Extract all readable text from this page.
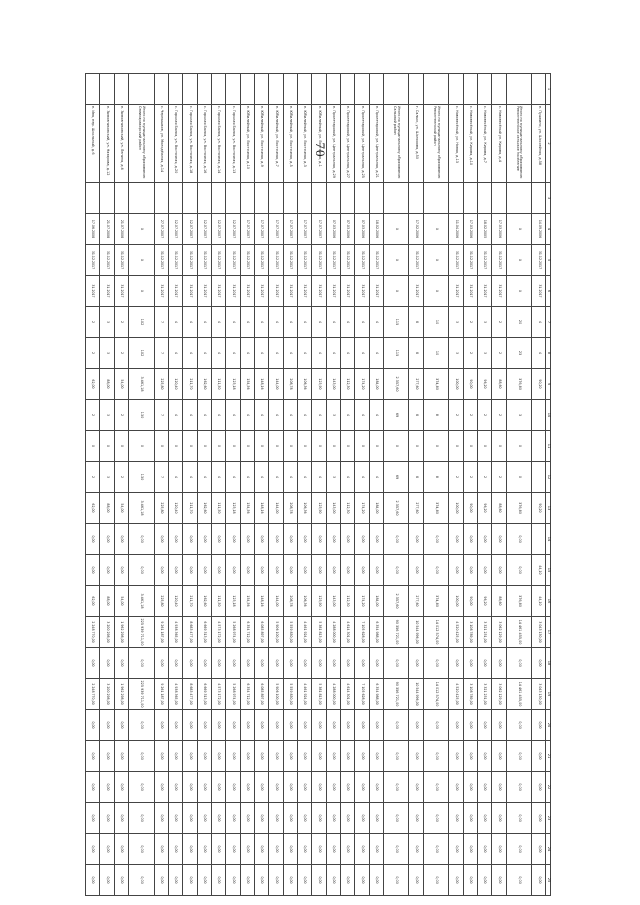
70
1	2	3	4	5	6	7	8	9	10	11	12	13	14	15	16	17	18	19	20	21	22	23	24	25
	п. Пушкино, ул. Шоссейная, д.58		14.09.2006	31.12.2017	31.2017	4	4	90,20				90,20		44,10	44,10	3 043 130,00	0,00	3 043 130,00	0,00	0,00	0,00	0,00	0,00	0,00
	Итого по муниципальному образованию Ремонтненское сельское поселение		X	X	X	20	23	376,80	3	0	0	376,80	0,00	0,00	376,80	14 461 455,00	0,00	14 461 455,00	0,00	0,00	0,00	0,00	0,00	0,00
	с. Нововесёлый ул. Кирова, д.4		17.03.2006	31.12.2017	31.2017	2	2	88,60	2	0	2	88,60	0,00	0,00	88,60	3 062 129,00	0,00	3 062 129,00	0,00	0,00	0,00	0,00	0,00	0,00
	с. Нововесёлый, ул. Кирова, д.7		18.02.2005	31.12.2017	31.2017	3	3	96,20	2	0	2	96,20	0,00	0,00	96,20	3 321 231,00	0,00	3 321 231,00	0,00	0,00	0,00	0,00	0,00	0,00
	с. Нововесёлый, ул. Кирова, д.10		17.03.2006	31.12.2017	31.2017	2	2	90,00	2	0	2	90,00	0,00	0,00	90,00	3 108 789,00	0,00	3 108 789,00	0,00	0,00	0,00	0,00	0,00	0,00
	с. Нововесёлый, ул. Новая, д.13		11.04.2006	31.12.2017	31.2017	3	3	100,00	2	0	2	100,00	0,00	0,00	100,00	4 520 425,00	0,00	4 520 425,00	0,00	0,00	0,00	0,00	0,00	0,00
	Итого по муниципальному образованию Ремонтненский район		X	X	X	10	10	374,80	8	0	8	374,80	0,00	0,00	374,80	14 012 574,00	0,00	14 012 574,00	0,00	0,00	0,00	0,00	0,00	0,00
	г. Сальск, ул. Шолохова, д.50		17.02.2006	31.12.2017	31.2017	8	8	277,60	8	0	8	277,60	0,00	0,00	277,60	10 544 996,00	0,00	10 544 996,00	0,00	0,00	0,00	0,00	0,00	0,00
	Итого по муниципальному образованию Сальский район		X	X	X	115	115	2 357,60	69	0	69	2 357,60	0,00	0,00	2 357,60	90 356 721,00	0,00	90 356 721,00	0,00	0,00	0,00	0,00	0,00	0,00
	п. Пролетарский, ул. Центральная, д.21		18.02.2006	31.12.2017	31.2017	4	4	184,00	4	0	4	184,00	0,00	0,00	184,00	6 354 988,00	0,00	6 354 988,00	0,00	0,00	0,00	0,00	0,00	0,00
	п. Пролетарский, ул. Центральная, д.25		07.03.2006	31.12.2017	31.2017	4	4	174,20	4	0	4	174,20	0,00	0,00	174,20	7 105 628,00	0,00	7 105 628,00	0,00	0,00	0,00	0,00	0,00	0,00
	п. Пролетарский, ул. Центральная, д.27		07.03.2006	31.12.2017	31.2017	4	4	112,30	4	0	4	112,30	0,00	0,00	112,30	4 614 301,00	0,00	4 614 301,00	0,00	0,00	0,00	0,00	0,00	0,00
	п. Пролетарский, ул. Центральная, д.29		07.03.2006	31.12.2017	31.2017	4	4	143,00	3	0	3	143,00	0,00	0,00	143,00	4 288 000,00	0,00	4 288 000,00	0,00	0,00	0,00	0,00	0,00	0,00
	п. Юбилейный, ул. Восточная, д.1		17.07.2007	31.12.2017	31.2017	4	4	123,90	4	0	4	123,90	0,00	0,00	123,90	5 381 813,00	0,00	5 381 813,00	0,00	0,00	0,00	0,00	0,00	0,00
	п. Юбилейный, ул. Восточная, д.3		17.07.2007	31.12.2017	31.2017	4	4	106,36	4	0	4	106,36	0,00	0,00	106,36	4 461 924,00	0,00	4 461 924,00	0,00	0,00	0,00	0,00	0,00	0,00
	п. Юбилейный, ул. Восточная, д.5		17.07.2007	31.12.2017	31.2017	4	4	208,78	4	0	4	208,78	0,00	0,00	208,78	5 559 830,00	0,00	5 559 830,00	0,00	0,00	0,00	0,00	0,00	0,00
	п. Юбилейный, ул. Восточная, д.7		17.07.2007	31.12.2017	31.2017	4	4	144,00	4	0	4	144,00	0,00	0,00	144,00	5 906 100,00	0,00	5 906 100,00	0,00	0,00	0,00	0,00	0,00	0,00
	п. Юбилейный, ул. Восточная, д.9		17.07.2007	31.12.2017	31.2017	4	4	148,16	4	0	4	148,16	0,00	0,00	148,16	6 085 897,00	0,00	6 085 897,00	0,00	0,00	0,00	0,00	0,00	0,00
	п. Юбилейный, ул. Восточная, д.10		17.07.2007	31.12.2017	31.2017	4	4	154,56	4	0	4	154,56	0,00	0,00	154,56	6 354 712,00	0,00	6 354 712,00	0,00	0,00	0,00	0,00	0,00	0,00
	с. Горькая Балка, ул. Восточная, д.13		12.07.2007	31.12.2017	31.2017	4	4	123,18	4	0	4	123,18	0,00	0,00	123,18	5 268 974,00	0,00	5 268 974,00	0,00	0,00	0,00	0,00	0,00	0,00
	с. Горькая Балка, ул. Восточная, д.14		12.07.2007	31.12.2017	31.2017	4	4	111,50	4	0	4	111,50	0,00	0,00	111,50	4 573 172,00	0,00	4 573 172,00	0,00	0,00	0,00	0,00	0,00	0,00
	с. Горькая Балка, ул. Восточная, д.16		12.07.2007	31.12.2017	31.2017	4	4	162,60	4	0	4	162,60	0,00	0,00	162,60	6 669 313,00	0,00	6 669 313,00	0,00	0,00	0,00	0,00	0,00	0,00
	с. Горькая Балка, ул. Восточная, д.18		12.07.2007	31.12.2017	31.2017	4	4	211,70	4	0	4	211,70	0,00	0,00	211,70	8 683 477,00	0,00	8 683 477,00	0,00	0,00	0,00	0,00	0,00	0,00
	с. Горькая Балка, ул. Восточная, д.20		12.07.2007	31.12.2017	31.2017	4	4	120,40	4	0	4	120,40	0,00	0,00	120,40	4 938 365,00	0,00	4 938 365,00	0,00	0,00	0,00	0,00	0,00	0,00
	с. Чернышков, ул. Молодёжная, д.14		27.07.2007	31.12.2017	31.2017	7	7	225,80	7	0	7	225,80	0,00	0,00	225,80	9 261 187,00	0,00	9 261 187,00	0,00	0,00	0,00	0,00	0,00	0,00
	Итого по муниципальному образованию Семикаракорский район		X	X	X	102	102	3 461,18	130	0	130	3 461,18	0,00	0,00	3 461,18	225 939 711,00	0,00	225 939 711,00	0,00	0,00	0,00	0,00	0,00	0,00
	п. Зимовниковский, ул. Ленина, д.6		21.07.2008	31.12.2017	31.2017	2	2	54,00	2	0	2	54,00	0,00	0,00	54,00	1 962 298,00	0,00	1 962 298,00	0,00	0,00	0,00	0,00	0,00	0,00
	п. Зимовниковский, ул. Назарова, д.12		21.07.2008	31.12.2017	31.2017	3	3	88,00	3	0	3	88,00	0,00	0,00	88,00	3 200 298,00	0,00	3 200 298,00	0,00	0,00	0,00	0,00	0,00	0,00
	п. Ива, пер. Школьный, д.6		17.06.2008	31.12.2017	31.2017	2	2	62,00	2	0	2	62,00	0,00	0,00	62,00	2 248 770,00	0,00	2 248 770,00	0,00	0,00	0,00	0,00	0,00	0,00
